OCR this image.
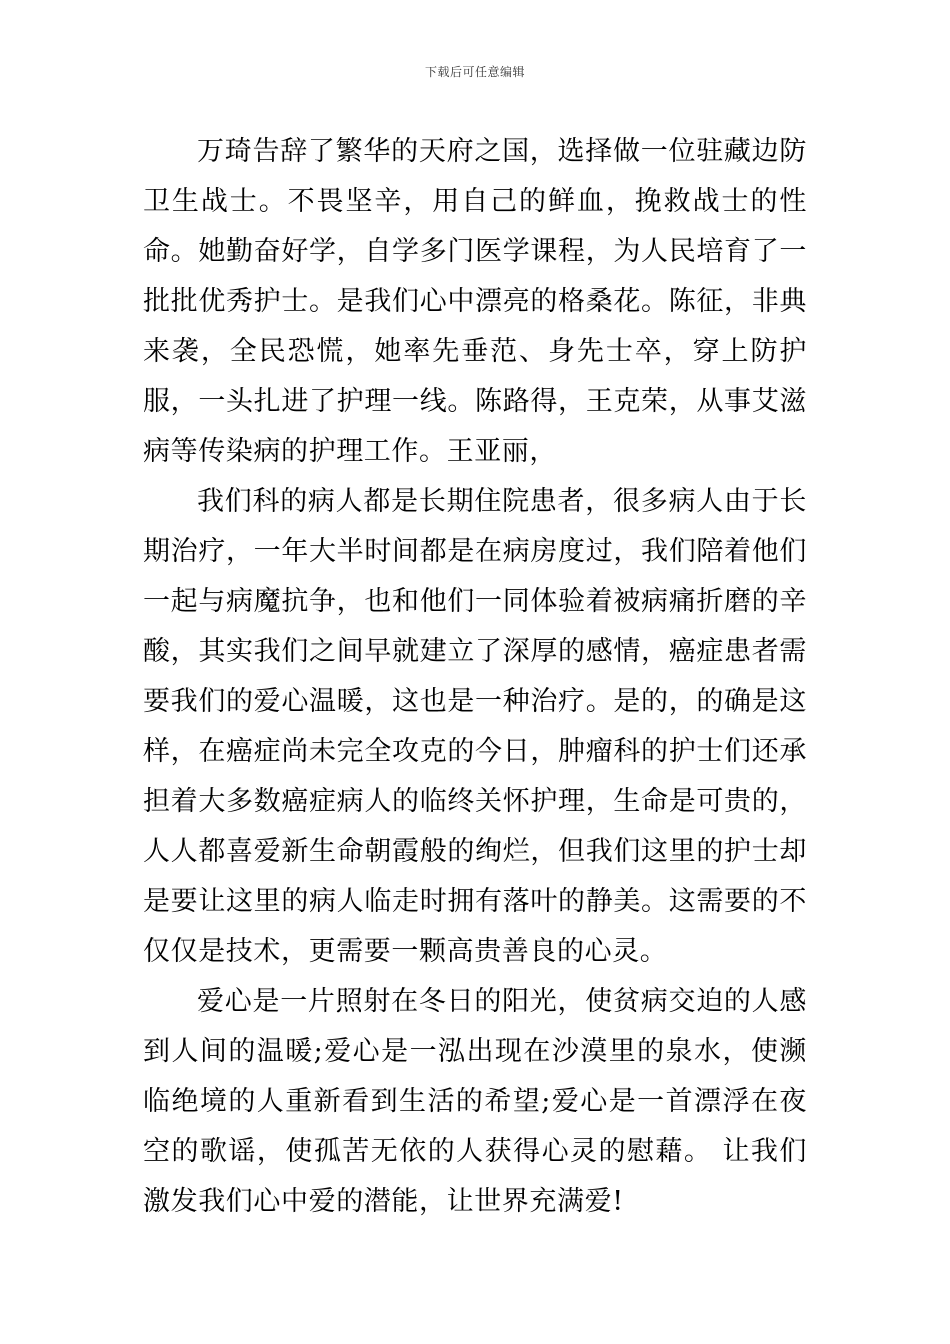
下载后可任意编辑

万琦告辞了繁华的天府之国，选择做一位驻藏边防卫生战士。不畏坚辛，用自己的鲜血，挽救战士的性命。她勤奋好学，自学多门医学课程，为人民培育了一批批优秀护士。是我们心中漂亮的格桑花。陈征，非典来袭，全民恐慌，她率先垂范、身先士卒，穿上防护服，一头扎进了护理一线。陈路得，王克荣，从事艾滋病等传染病的护理工作。王亚丽，

我们科的病人都是长期住院患者，很多病人由于长期治疗，一年大半时间都是在病房度过，我们陪着他们一起与病魔抗争，也和他们一同体验着被病痛折磨的辛酸，其实我们之间早就建立了深厚的感情，癌症患者需要我们的爱心温暖，这也是一种治疗。是的，的确是这样，在癌症尚未完全攻克的今日，肿瘤科的护士们还承担着大多数癌症病人的临终关怀护理，生命是可贵的，人人都喜爱新生命朝霞般的绚烂，但我们这里的护士却是要让这里的病人临走时拥有落叶的静美。这需要的不仅仅是技术，更需要一颗高贵善良的心灵。

爱心是一片照射在冬日的阳光，使贫病交迫的人感到人间的温暖;爱心是一泓出现在沙漠里的泉水，使濒临绝境的人重新看到生活的希望;爱心是一首漂浮在夜空的歌谣，使孤苦无依的人获得心灵的慰藉。 让我们激发我们心中爱的潜能，让世界充满爱!
